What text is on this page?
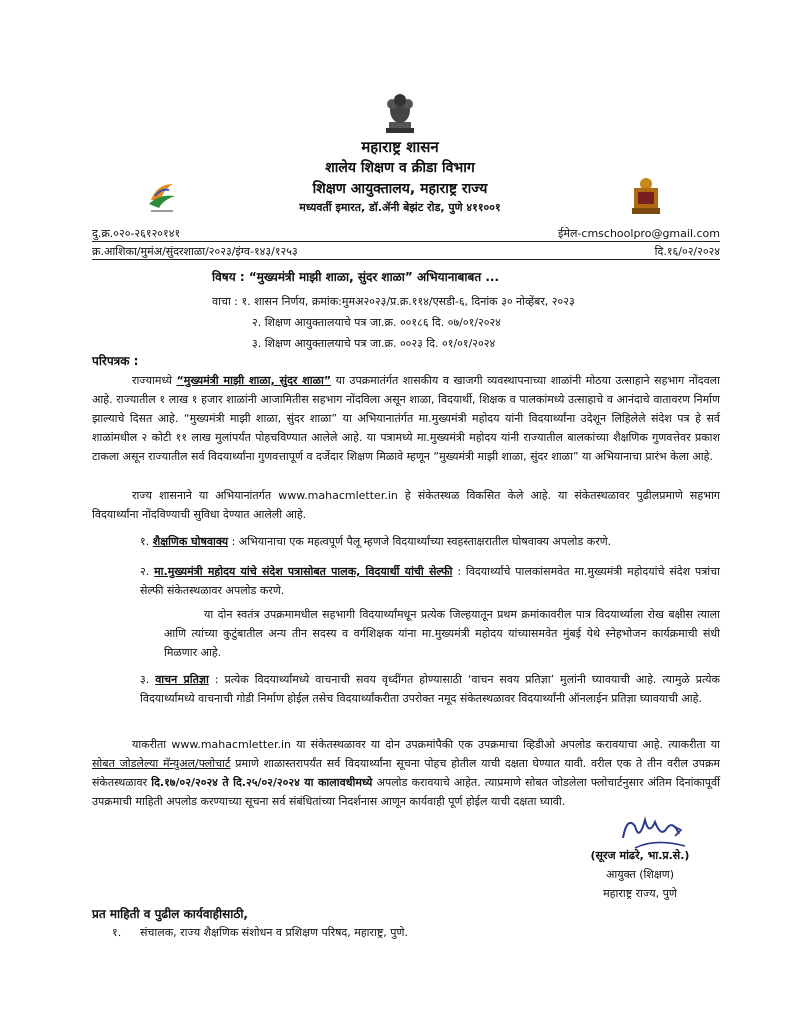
महाराष्ट्र शासन
शालेय शिक्षण व क्रीडा विभाग
शिक्षण आयुक्तालय, महाराष्ट्र राज्य
मध्यवर्ती इमारत, डॉ.ॲनी बेझंट रोड, पुणे ४११००१
दु.क्र.०२०-२६१२०१४१	ईमेल-cmschoolpro@gmail.com
क्र.आशिका/मुमंअ/सुंदरशाळा/२०२३/इंग्व-१४३/१२५३	दि.१६/०२/२०२४
विषय : “मुख्यमंत्री माझी शाळा, सुंदर शाळा” अभियानाबाबत ...
वाचा : १. शासन निर्णय, क्रमांक:मुमअ२०२३/प्र.क्र.११४/एसडी-६, दिनांक ३० नोव्हेंबर, २०२३
२. शिक्षण आयुक्तालयाचे पत्र जा.क्र. ००१८६ दि. ०७/०१/२०२४
३. शिक्षण आयुक्तालयाचे पत्र जा.क्र. ००२३ दि. ०१/०१/२०२४
परिपत्रक :
राज्यामध्ये “मुख्यमंत्री माझी शाळा, सुंदर शाळा” या उपक्रमातंर्गत शासकीय व खाजगी व्यवस्थापनाच्या शाळांनी मोठया उत्साहाने सहभाग नोंदवला आहे. राज्यातील १ लाख १ हजार शाळांनी आजामितीस सहभाग नोंदविला असून शाळा, विदयार्थी, शिक्षक व पालकांमध्ये उत्साहाचे व आनंदाचे वातावरण निर्माण झाल्याचे दिसत आहे. “मुख्यमंत्री माझी शाळा, सुंदर शाळा” या अभियानातंर्गत मा.मुख्यमंत्री महोदय यांनी विदयार्थ्यांना उदेशून लिहिलेले संदेश पत्र हे सर्व शाळांमधील २ कोटी ११ लाख मुलांपर्यंत पोहचविण्यात आलेले आहे. या पत्रामध्ये मा.मुख्यमंत्री महोदय यांनी राज्यातील बालकांच्या शैक्षणिक गुणवत्तेवर प्रकाश टाकला असून राज्यातील सर्व विदयार्थ्यांना गुणवत्तापूर्ण व दर्जेदार शिक्षण मिळावे म्हणून “मुख्यमंत्री माझी शाळा, सुंदर शाळा” या अभियानाचा प्रारंभ केला आहे.
राज्य शासनाने या अभियानांतर्गत www.mahacmletter.in हे संकेतस्थळ विकसित केले आहे. या संकेतस्थळावर पुढीलप्रमाणे सहभाग विदयार्थ्यांना नोंदविण्याची सुविधा देण्यात आलेली आहे.
१. शैक्षणिक घोषवाक्य : अभियानाचा एक महत्वपूर्ण पैलू म्हणजे विदयार्थ्यांच्या स्वहस्ताक्षरातील घोषवाक्य अपलोड करणे.
२. मा.मुख्यमंत्री महोदय यांचे संदेश पत्रासोबत पालक, विदयार्थी यांची सेल्फी : विदयार्थ्यांचे पालकांसमवेत मा.मुख्यमंत्री महोदयांचे संदेश पत्रांचा सेल्फी संकेतस्थळावर अपलोड करणे.
या दोन स्वतंत्र उपक्रमामधील सहभागी विदयार्थ्यांमधून प्रत्येक जिल्हयातून प्रथम क्रमांकावरील पात्र विदयार्थ्याला रोख बक्षीस त्याला आणि त्यांच्या कुटुंबातील अन्य तीन सदस्य व वर्गशिक्षक यांना मा.मुख्यमंत्री महोदय यांच्यासमवेत मुंबई येथे स्नेहभोजन कार्यक्रमाची संधी मिळणार आहे.
३. वाचन प्रतिज्ञा : प्रत्येक विदयार्थ्यांमध्ये वाचनाची सवय वृध्दींगत होण्यासाठी ‘वाचन सवय प्रतिज्ञा’ मुलांनी घ्यावयाची आहे. त्यामुळे प्रत्येक विदयार्थ्यांमध्ये वाचनाची गोडी निर्माण होईल तसेच विदयार्थ्यांकरीता उपरोक्त नमूद संकेतस्थळावर विदयार्थ्यांनी ऑनलाईन प्रतिज्ञा घ्यावयाची आहे.
याकरीता www.mahacmletter.in या संकेतस्थळावर या दोन उपक्रमांपैकी एक उपक्रमाचा व्हिडीओ अपलोड करावयाचा आहे. त्याकरीता या सोबत जोडलेल्या मॅन्युअल/फ्लोचार्ट प्रमाणे शाळास्तरापर्यंत सर्व विदयार्थ्यांना सूचना पोहच होतील याची दक्षता घेण्यात यावी. वरील एक ते तीन वरील उपक्रम संकेतस्थळावर दि.१७/०२/२०२४ ते दि.२५/०२/२०२४ या कालावधीमध्ये अपलोड करावयाचे आहेत. त्याप्रमाणे सोबत जोडलेला फ्लोचार्टनुसार अंतिम दिनांकापूर्वी उपक्रमाची माहिती अपलोड करण्याच्या सूचना सर्व संबंधितांच्या निदर्शनास आणून कार्यवाही पूर्ण होईल याची दक्षता घ्यावी.
(सूरज मांढरे, भा.प्र.से.)
आयुक्त (शिक्षण)
महाराष्ट्र राज्य, पुणे
प्रत माहिती व पुढील कार्यवाहीसाठी,
१. संचालक, राज्य शैक्षणिक संशोधन व प्रशिक्षण परिषद, महाराष्ट्र, पुणे.
